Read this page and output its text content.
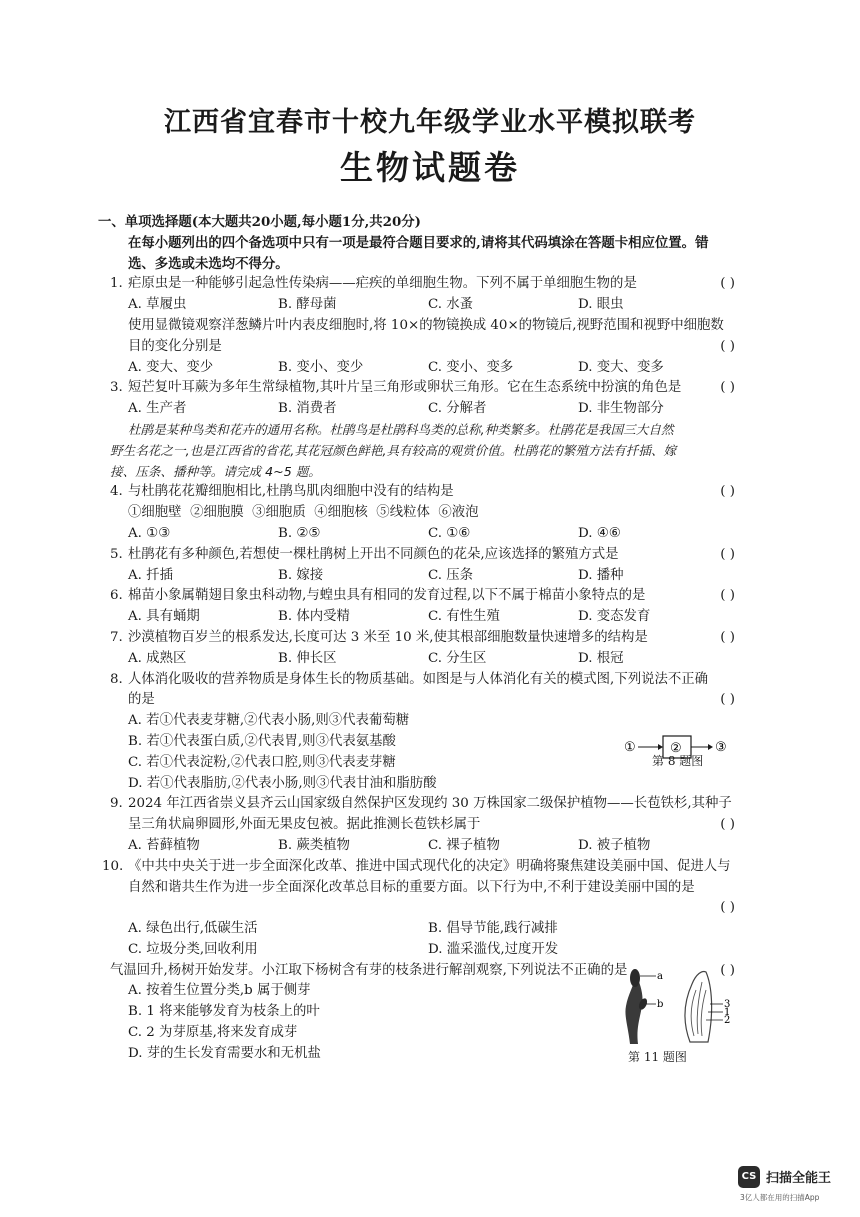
江西省宜春市十校九年级学业水平模拟联考
生物试题卷
一、单项选择题(本大题共20小题,每小题1分,共20分)
在每小题列出的四个备选项中只有一项是最符合题目要求的,请将其代码填涂在答题卡相应位置。错
选、多选或未选均不得分。
1. 疟原虫是一种能够引起急性传染病——疟疾的单细胞生物。下列不属于单细胞生物的是	( )
A. 草履虫	B. 酵母菌	C. 水蚤	D. 眼虫
使用显微镜观察洋葱鳞片叶内表皮细胞时,将 10×的物镜换成 40×的物镜后,视野范围和视野中细胞数
目的变化分别是	( )
A. 变大、变少	B. 变小、变少	C. 变小、变多	D. 变大、变多
3. 短芒复叶耳蕨为多年生常绿植物,其叶片呈三角形或卵状三角形。它在生态系统中扮演的角色是	( )
A. 生产者	B. 消费者	C. 分解者	D. 非生物部分
杜鹃是某种鸟类和花卉的通用名称。杜鹃鸟是杜鹃科鸟类的总称,种类繁多。杜鹃花是我国三大自然
野生名花之一,也是江西省的省花,其花冠颜色鲜艳,具有较高的观赏价值。杜鹃花的繁殖方法有扦插、嫁
接、压条、播种等。请完成 4~5 题。
4. 与杜鹃花花瓣细胞相比,杜鹃鸟肌肉细胞中没有的结构是	( )
①细胞壁  ②细胞膜  ③细胞质  ④细胞核  ⑤线粒体  ⑥液泡
A. ①③	B. ②⑤	C. ①⑥	D. ④⑥
5. 杜鹃花有多种颜色,若想使一棵杜鹃树上开出不同颜色的花朵,应该选择的繁殖方式是	( )
A. 扦插	B. 嫁接	C. 压条	D. 播种
6. 棉苗小象属鞘翅目象虫科动物,与蝗虫具有相同的发育过程,以下不属于棉苗小象特点的是	( )
A. 具有蛹期	B. 体内受精	C. 有性生殖	D. 变态发育
7. 沙漠植物百岁兰的根系发达,长度可达 3 米至 10 米,使其根部细胞数量快速增多的结构是	( )
A. 成熟区	B. 伸长区	C. 分生区	D. 根冠
8. 人体消化吸收的营养物质是身体生长的物质基础。如图是与人体消化有关的模式图,下列说法不正确
的是	( )
A. 若①代表麦芽糖,②代表小肠,则③代表葡萄糖
B. 若①代表蛋白质,②代表胃,则③代表氨基酸
C. 若①代表淀粉,②代表口腔,则③代表麦芽糖
D. 若①代表脂肪,②代表小肠,则③代表甘油和脂肪酸
9. 2024 年江西省崇义县齐云山国家级自然保护区发现约 30 万株国家二级保护植物——长苞铁杉,其种子
呈三角状扁卵圆形,外面无果皮包被。据此推测长苞铁杉属于	( )
A. 苔藓植物	B. 蕨类植物	C. 裸子植物	D. 被子植物
10. 《中共中央关于进一步全面深化改革、推进中国式现代化的决定》明确将聚焦建设美丽中国、促进人与
自然和谐共生作为进一步全面深化改革总目标的重要方面。以下行为中,不利于建设美丽中国的是
( )
A. 绿色出行,低碳生活	B. 倡导节能,践行减排
C. 垃圾分类,回收利用	D. 滥采滥伐,过度开发
气温回升,杨树开始发芽。小江取下杨树含有芽的枝条进行解剖观察,下列说法不正确的是	( )
A. 按着生位置分类,b 属于侧芽
B. 1 将来能够发育为枝条上的叶
C. 2 为芽原基,将来发育成芽
D. 芽的生长发育需要水和无机盐
①	②	③
第 8 题图
a
b	3
1
2
第 11 题图
CS 扫描全能王
3亿人都在用的扫描App
